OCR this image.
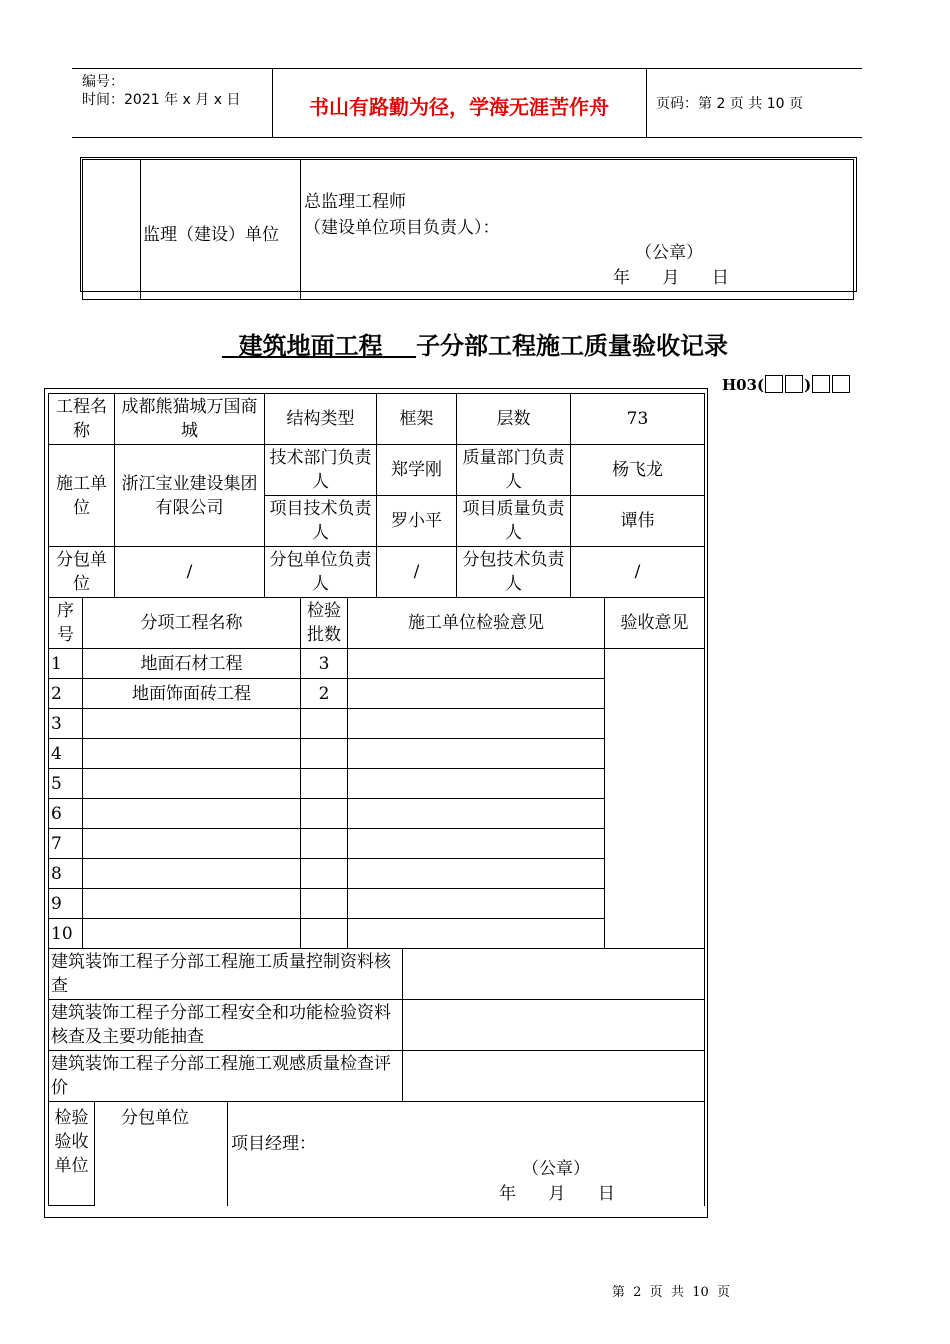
编号：
时间：2021 年 x 月 x 日	书山有路勤为径，学海无涯苦作舟	页码：第 2 页 共 10 页
	监理（建设）单位	
总监理工程师
（建设单位项目负责人）：
（公章）
年      月      日
建筑地面工程 子分部工程施工质量验收记录
H03(	)
工程名称	成都熊猫城万国商城	结构类型	框架	层数	73
施工单位	浙江宝业建设集团有限公司	技术部门负责人	郑学刚	质量部门负责人	杨飞龙
		项目技术负责人	罗小平	项目质量负责人	谭伟
分包单位	/	分包单位负责人	/	分包技术负责人	/
序号	分项工程名称	检验批数	施工单位检验意见	验收意见
1	地面石材工程	3		
2	地面饰面砖工程	2		
3				
4				
5				
6				
7				
8				
9				
10				
建筑装饰工程子分部工程施工质量控制资料核查	
建筑装饰工程子分部工程安全和功能检验资料核查及主要功能抽查	
建筑装饰工程子分部工程施工观感质量检查评价	
检验验收单位	分包单位	
项目经理：
（公章）
年      月      日
第  2  页  共  10  页
